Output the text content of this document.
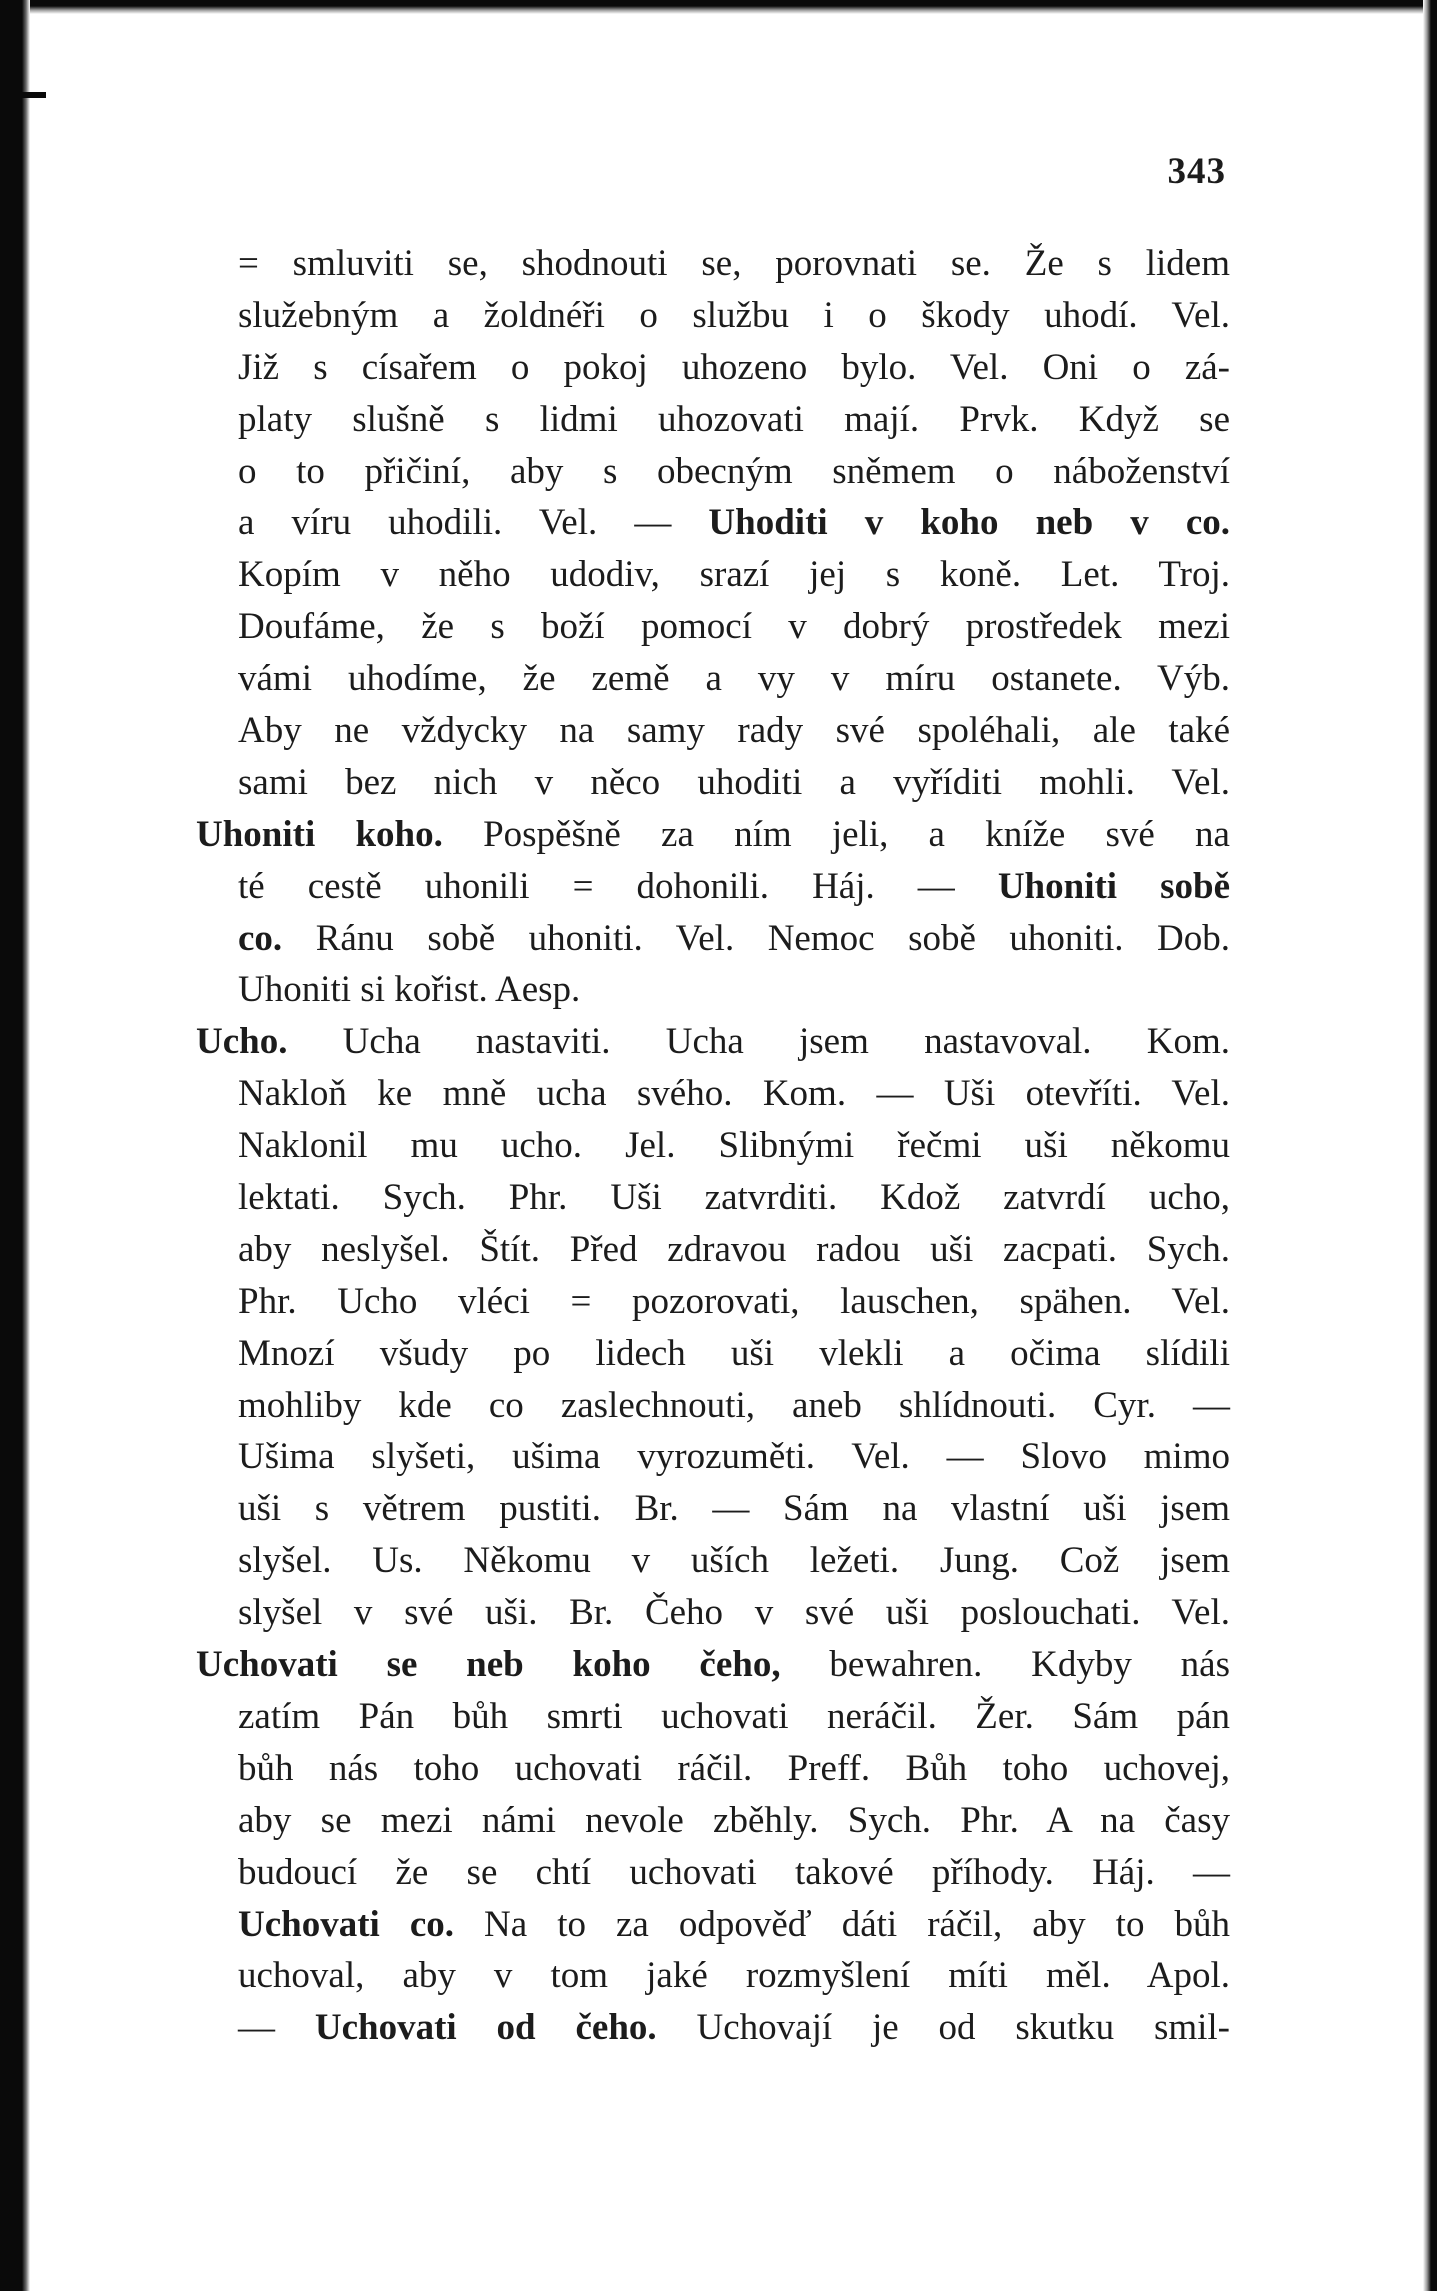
343
= smluviti se, shodnouti se, porovnati se. Že s lidem
služebným a žoldnéři o službu i o škody uhodí. Vel.
Již s císařem o pokoj uhozeno bylo. Vel. Oni o zá-
platy slušně s lidmi uhozovati mají. Prvk. Když se
o to přičiní, aby s obecným sněmem o náboženství
a víru uhodili. Vel. — Uhoditi v koho neb v co.
Kopím v něho udodiv, srazí jej s koně. Let. Troj.
Doufáme, že s boží pomocí v dobrý prostředek mezi
vámi uhodíme, že země a vy v míru ostanete. Výb.
Aby ne vždycky na samy rady své spoléhali, ale také
sami bez nich v něco uhoditi a vyříditi mohli. Vel.
Uhoniti koho. Pospěšně za ním jeli, a kníže své na
té cestě uhonili = dohonili. Háj. — Uhoniti sobě
co. Ránu sobě uhoniti. Vel. Nemoc sobě uhoniti. Dob.
Uhoniti si kořist. Aesp.
Ucho. Ucha nastaviti. Ucha jsem nastavoval. Kom.
Nakloň ke mně ucha svého. Kom. — Uši otevříti. Vel.
Naklonil mu ucho. Jel. Slibnými řečmi uši někomu
lektati. Sych. Phr. Uši zatvrditi. Kdož zatvrdí ucho,
aby neslyšel. Štít. Před zdravou radou uši zacpati. Sych.
Phr. Ucho vléci = pozorovati, lauschen, spähen. Vel.
Mnozí všudy po lidech uši vlekli a očima slídili
mohliby kde co zaslechnouti, aneb shlídnouti. Cyr. —
Ušima slyšeti, ušima vyrozuměti. Vel. — Slovo mimo
uši s větrem pustiti. Br. — Sám na vlastní uši jsem
slyšel. Us. Někomu v uších ležeti. Jung. Což jsem
slyšel v své uši. Br. Čeho v své uši poslouchati. Vel.
Uchovati se neb koho čeho, bewahren. Kdyby nás
zatím Pán bůh smrti uchovati neráčil. Žer. Sám pán
bůh nás toho uchovati ráčil. Preff. Bůh toho uchovej,
aby se mezi námi nevole zběhly. Sych. Phr. A na časy
budoucí že se chtí uchovati takové příhody. Háj. —
Uchovati co. Na to za odpověď dáti ráčil, aby to bůh
uchoval, aby v tom jaké rozmyšlení míti měl. Apol.
— Uchovati od čeho. Uchovají je od skutku smil-
